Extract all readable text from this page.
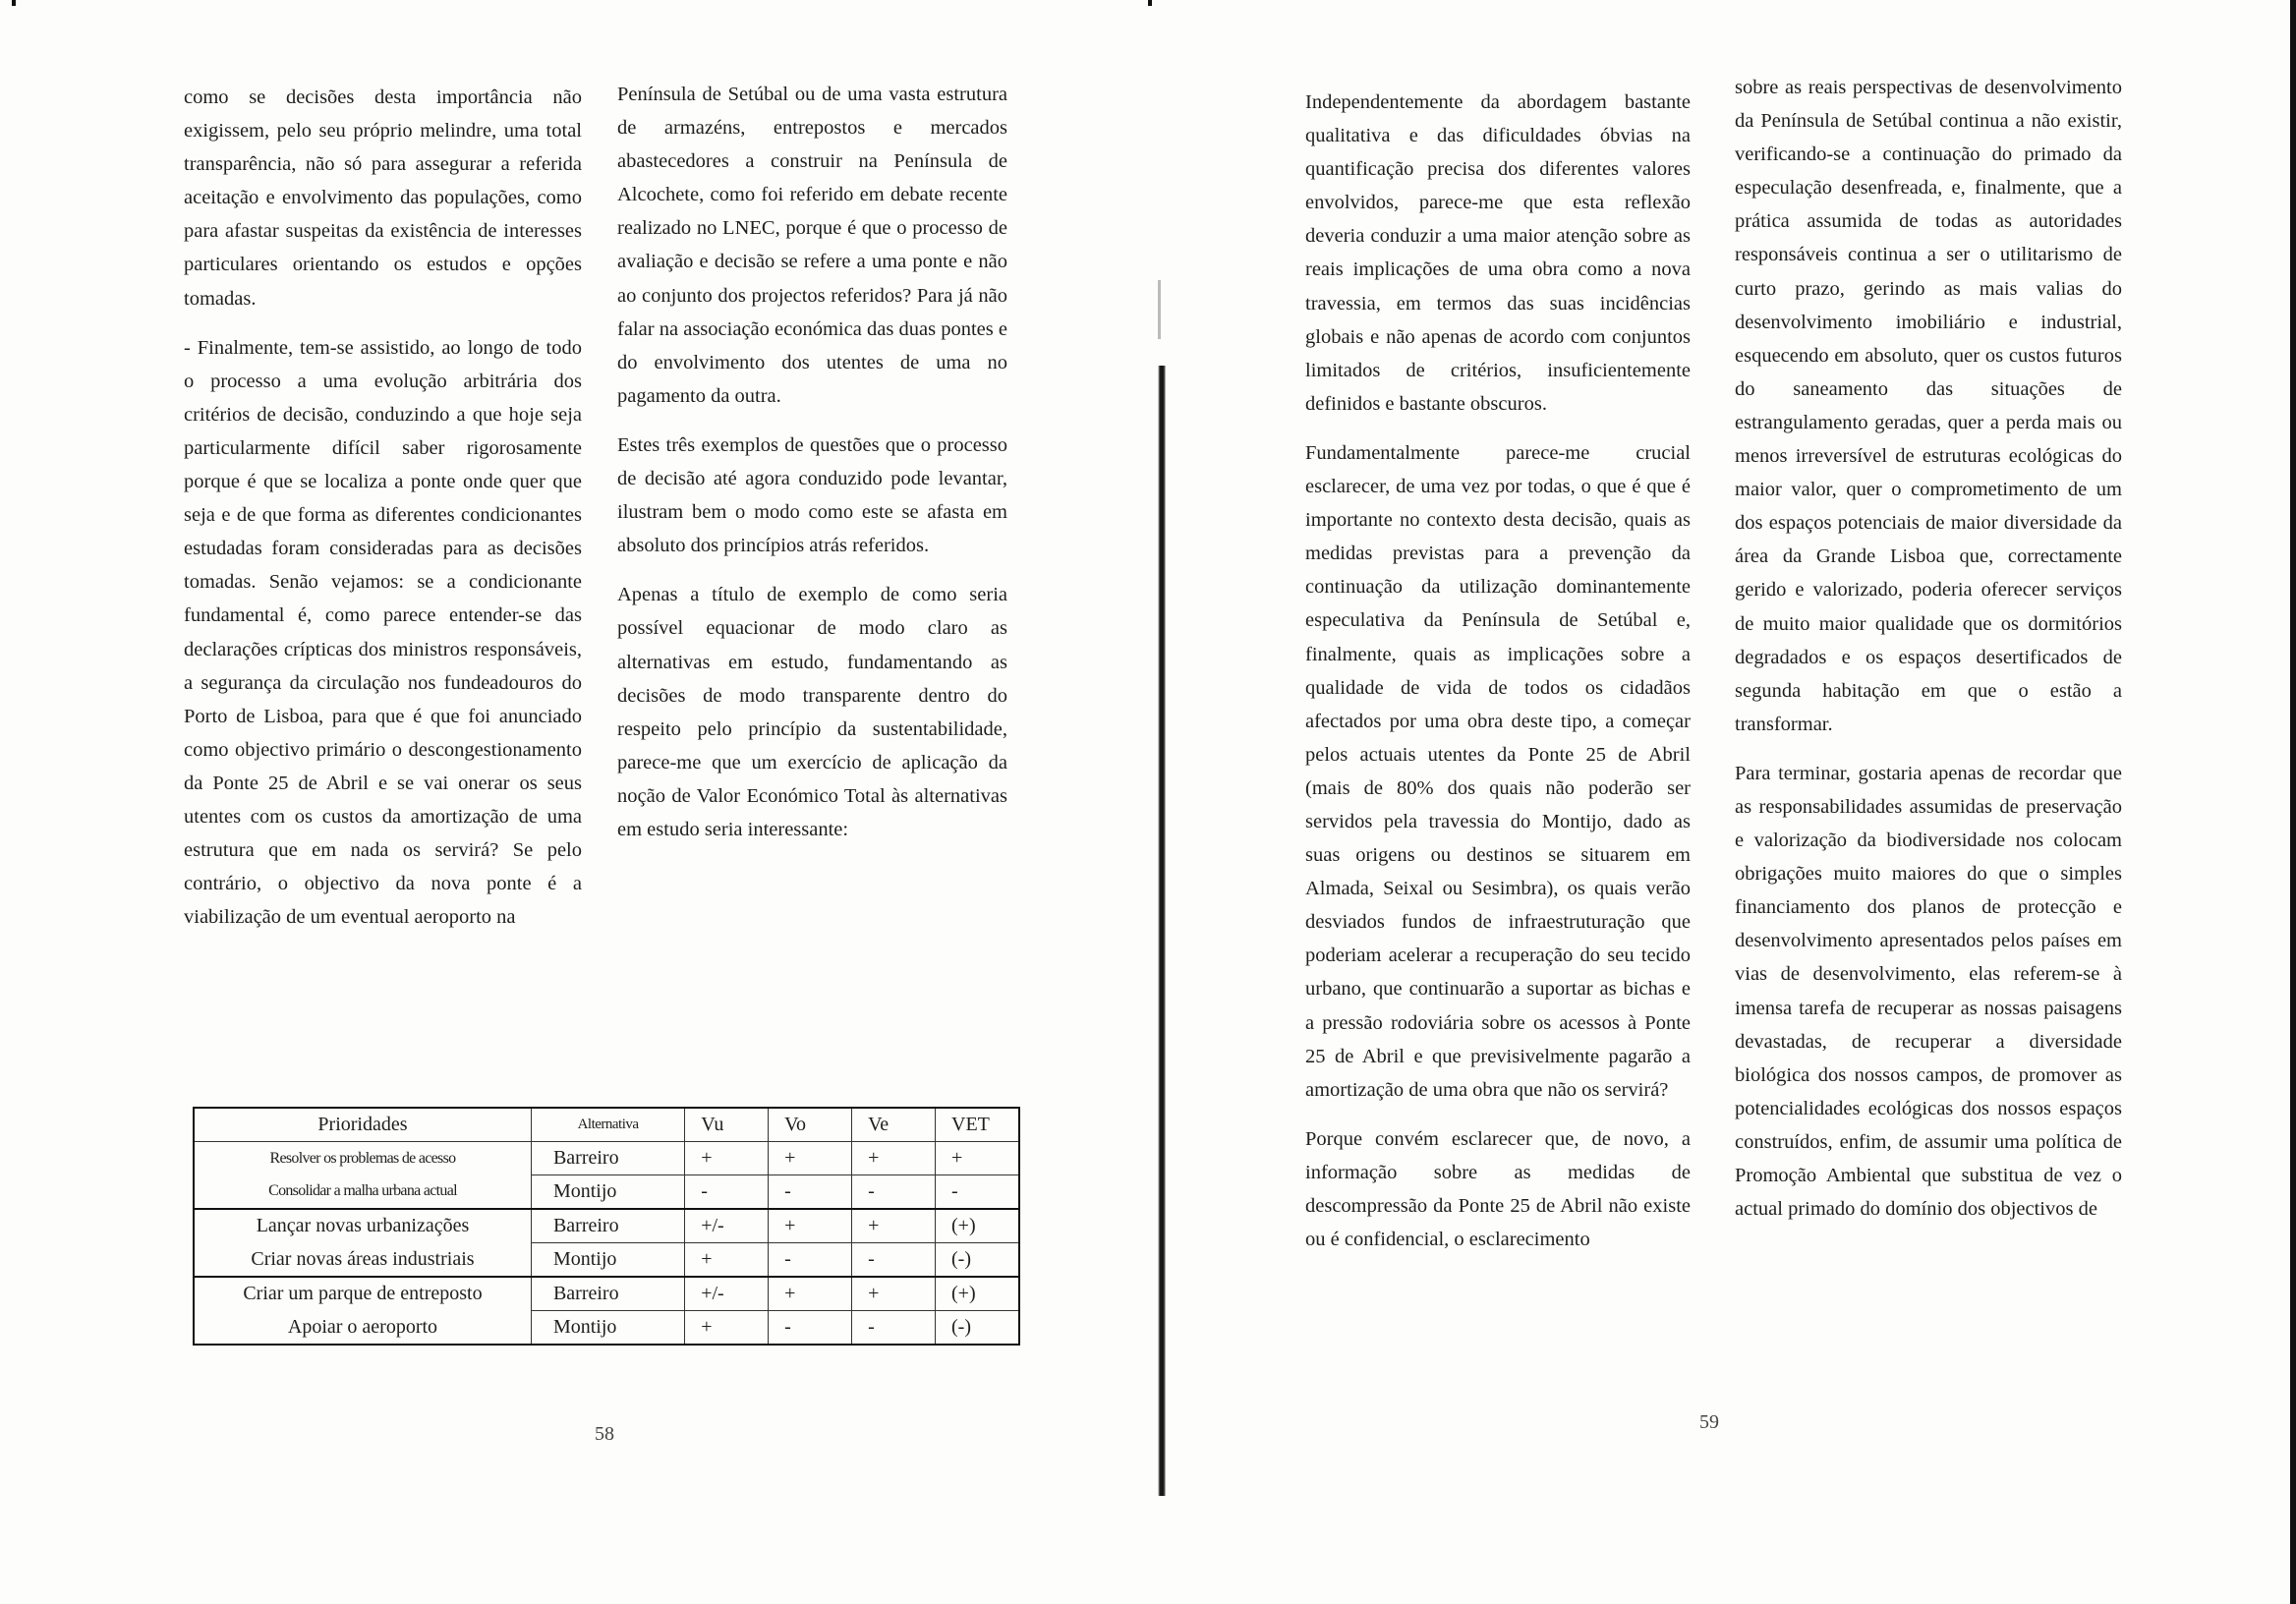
como se decisões desta importância não exigissem, pelo seu próprio melindre, uma total transparência, não só para assegurar a referida aceitação e envolvimento das populações, como para afastar suspeitas da existência de interesses particulares orientando os estudos e opções tomadas.

- Finalmente, tem-se assistido, ao longo de todo o processo a uma evolução arbitrária dos critérios de decisão, conduzindo a que hoje seja particularmente difícil saber rigorosamente porque é que se localiza a ponte onde quer que seja e de que forma as diferentes condicionantes estudadas foram consideradas para as decisões tomadas. Senão vejamos: se a condicionante fundamental é, como parece entender-se das declarações crípticas dos ministros responsáveis, a segurança da circulação nos fundeadouros do Porto de Lisboa, para que é que foi anunciado como objectivo primário o descongestionamento da Ponte 25 de Abril e se vai onerar os seus utentes com os custos da amortização de uma estrutura que em nada os servirá? Se pelo contrário, o objectivo da nova ponte é a viabilização de um eventual aeroporto na

Península de Setúbal ou de uma vasta estrutura de armazéns, entrepostos e mercados abastecedores a construir na Península de Alcochete, como foi referido em debate recente realizado no LNEC, porque é que o processo de avaliação e decisão se refere a uma ponte e não ao conjunto dos projectos referidos? Para já não falar na associação económica das duas pontes e do envolvimento dos utentes de uma no pagamento da outra.

Estes três exemplos de questões que o processo de decisão até agora conduzido pode levantar, ilustram bem o modo como este se afasta em absoluto dos princípios atrás referidos.

Apenas a título de exemplo de como seria possível equacionar de modo claro as alternativas em estudo, fundamentando as decisões de modo transparente dentro do respeito pelo princípio da sustentabilidade, parece-me que um exercício de aplicação da noção de Valor Económico Total às alternativas em estudo seria interessante:

Prioridades	Alternativa	Vu	Vo	Ve	VET
Resolver os problemas de acesso	Barreiro	+	+	+	+
Consolidar a malha urbana actual	Montijo	-	-	-	-
Lançar novas urbanizações	Barreiro	+/-	+	+	(+)
Criar novas áreas industriais	Montijo	+	-	-	(-)
Criar um parque de entreposto	Barreiro	+/-	+	+	(+)
Apoiar o aeroporto	Montijo	+	-	-	(-)
58

Independentemente da abordagem bastante qualitativa e das dificuldades óbvias na quantificação precisa dos diferentes valores envolvidos, parece-me que esta reflexão deveria conduzir a uma maior atenção sobre as reais implicações de uma obra como a nova travessia, em termos das suas incidências globais e não apenas de acordo com conjuntos limitados de critérios, insuficientemente definidos e bastante obscuros.

Fundamentalmente parece-me crucial esclarecer, de uma vez por todas, o que é que é importante no contexto desta decisão, quais as medidas previstas para a prevenção da continuação da utilização dominantemente especulativa da Península de Setúbal e, finalmente, quais as implicações sobre a qualidade de vida de todos os cidadãos afectados por uma obra deste tipo, a começar pelos actuais utentes da Ponte 25 de Abril (mais de 80% dos quais não poderão ser servidos pela travessia do Montijo, dado as suas origens ou destinos se situarem em Almada, Seixal ou Sesimbra), os quais verão desviados fundos de infraestruturação que poderiam acelerar a recuperação do seu tecido urbano, que continuarão a suportar as bichas e a pressão rodoviária sobre os acessos à Ponte 25 de Abril e que previsivelmente pagarão a amortização de uma obra que não os servirá?

Porque convém esclarecer que, de novo, a informação sobre as medidas de descompressão da Ponte 25 de Abril não existe ou é confidencial, o esclarecimento

sobre as reais perspectivas de desenvolvimento da Península de Setúbal continua a não existir, verificando-se a continuação do primado da especulação desenfreada, e, finalmente, que a prática assumida de todas as autoridades responsáveis continua a ser o utilitarismo de curto prazo, gerindo as mais valias do desenvolvimento imobiliário e industrial, esquecendo em absoluto, quer os custos futuros do saneamento das situações de estrangulamento geradas, quer a perda mais ou menos irreversível de estruturas ecológicas do maior valor, quer o comprometimento de um dos espaços potenciais de maior diversidade da área da Grande Lisboa que, correctamente gerido e valorizado, poderia oferecer serviços de muito maior qualidade que os dormitórios degradados e os espaços desertificados de segunda habitação em que o estão a transformar.

Para terminar, gostaria apenas de recordar que as responsabilidades assumidas de preservação e valorização da biodiversidade nos colocam obrigações muito maiores do que o simples financiamento dos planos de protecção e desenvolvimento apresentados pelos países em vias de desenvolvimento, elas referem-se à imensa tarefa de recuperar as nossas paisagens devastadas, de recuperar a diversidade biológica dos nossos campos, de promover as potencialidades ecológicas dos nossos espaços construídos, enfim, de assumir uma política de Promoção Ambiental que substitua de vez o actual primado do domínio dos objectivos de

59
